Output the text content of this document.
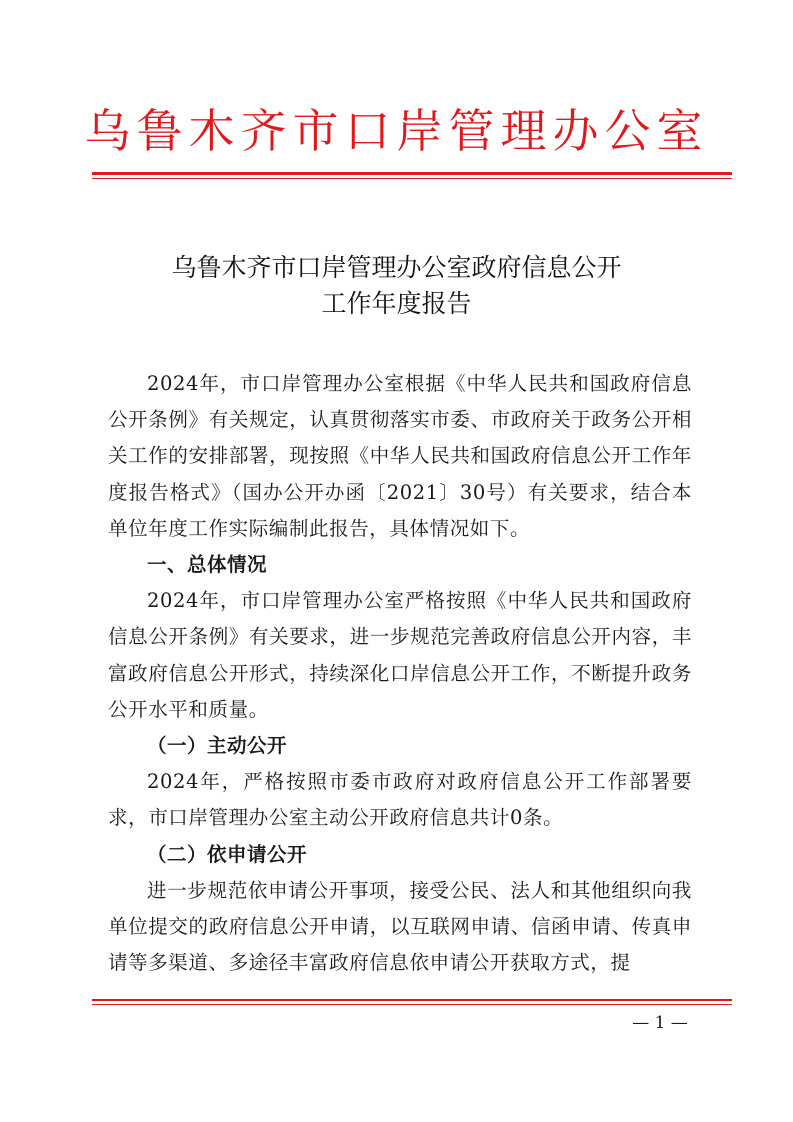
乌鲁木齐市口岸管理办公室
乌鲁木齐市口岸管理办公室政府信息公开
工作年度报告

2024年，市口岸管理办公室根据《中华人民共和国政府信息公开条例》有关规定，认真贯彻落实市委、市政府关于政务公开相关工作的安排部署，现按照《中华人民共和国政府信息公开工作年度报告格式》（国办公开办函〔2021〕30号）有关要求，结合本单位年度工作实际编制此报告，具体情况如下。

一、总体情况

2024年，市口岸管理办公室严格按照《中华人民共和国政府信息公开条例》有关要求，进一步规范完善政府信息公开内容，丰富政府信息公开形式，持续深化口岸信息公开工作，不断提升政务公开水平和质量。

（一）主动公开

2024年，严格按照市委市政府对政府信息公开工作部署要求，市口岸管理办公室主动公开政府信息共计0条。

（二）依申请公开

进一步规范依申请公开事项，接受公民、法人和其他组织向我单位提交的政府信息公开申请，以互联网申请、信函申请、传真申请等多渠道、多途径丰富政府信息依申请公开获取方式，提

— 1 —
